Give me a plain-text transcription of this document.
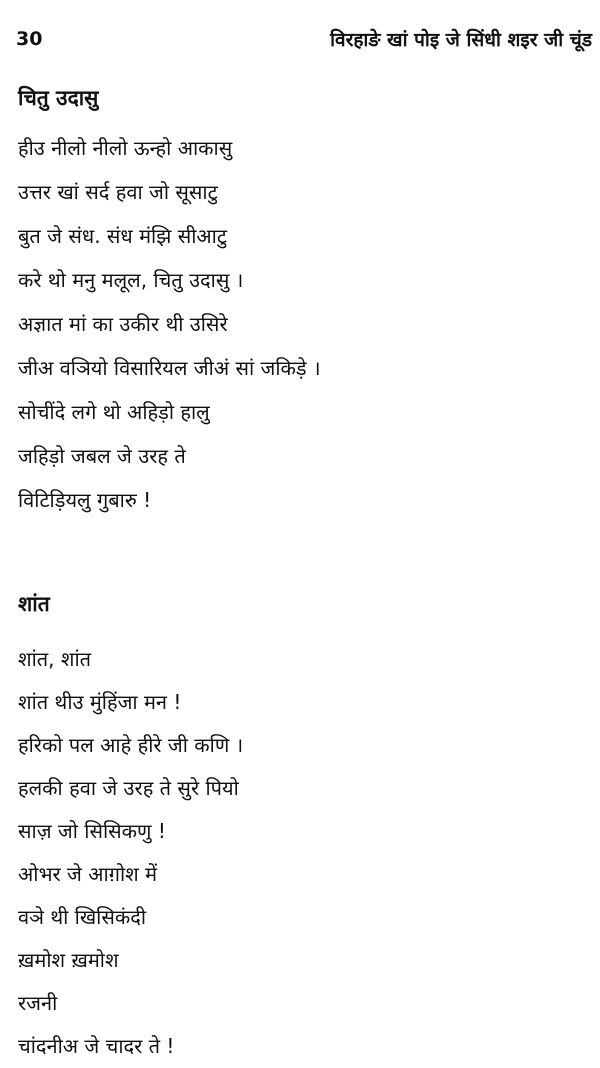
30	विरहाङे खां पोइ जे सिंधी शइर जी चूंड
चितु उदासु
हीउ नीलो नीलो ऊन्हो आकासु
उत्तर खां सर्द हवा जो सूसाटु
बुत जे संध. संध मंझि सीआटु
करे थो मनु मलूल, चितु उदासु ।
अज्ञात मां का उकीर थी उसिरे
जीअ वञियो विसारियल जीअं सां जकिड़े ।
सोचींदे लगे थो अहिड़ो हालु
जहिड़ो जबल जे उरह ते
विटिड़ियलु गुबारु !
शांत
शांत, शांत
शांत थीउ मुंहिंजा मन !
हरिको पल आहे हीरे जी कणि ।
हलकी हवा जे उरह ते सुरे पियो
साज़ जो सिसिकणु !
ओभर जे आग़ोश में
वञे थी खिसिकंदी
ख़मोश ख़मोश
रजनी
चांदनीअ जे चादर ते !
